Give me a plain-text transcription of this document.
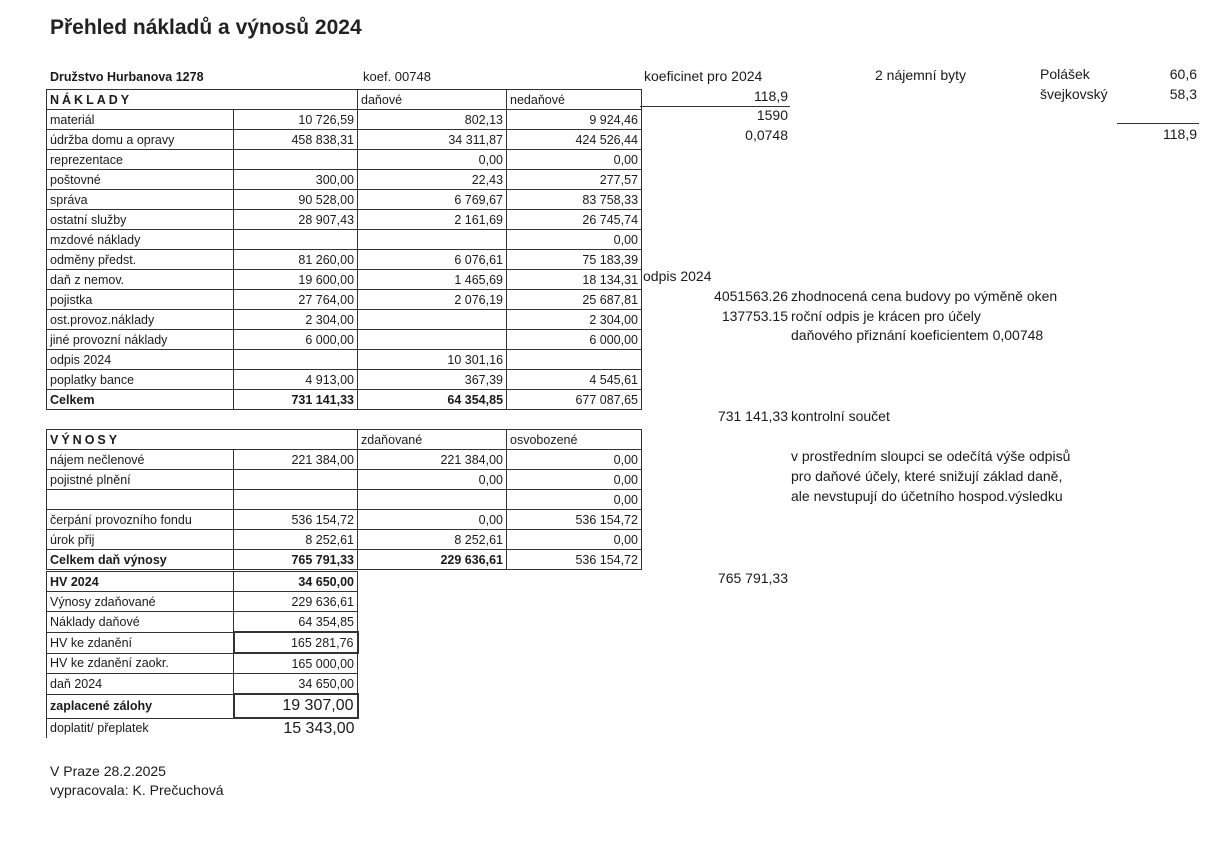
Přehled nákladů a výnosů 2024
Družstvo Hurbanova 1278	koef. 00748	koeficinet pro 2024
118,9
1590
0,0748
2 nájemní byty	Polášek	60,6
švejkovský	58,3
118,9
NÁKLADY		daňové	nedaňové
materiál	10 726,59	802,13	9 924,46
údržba domu a opravy	458 838,31	34 311,87	424 526,44
reprezentace		0,00	0,00
poštovné	300,00	22,43	277,57
správa	90 528,00	6 769,67	83 758,33
ostatní služby	28 907,43	2 161,69	26 745,74
mzdové náklady			0,00
odměny předst.	81 260,00	6 076,61	75 183,39
daň z nemov.	19 600,00	1 465,69	18 134,31
pojistka	27 764,00	2 076,19	25 687,81
ost.provoz.náklady	2 304,00		2 304,00
jiné provozní náklady	6 000,00		6 000,00
odpis 2024		10 301,16	
poplatky bance	4 913,00	367,39	4 545,61
Celkem	731 141,33	64 354,85	677 087,65
VÝNOSY		zdaňované	osvobozené
nájem nečlenové	221 384,00	221 384,00	0,00
pojistné plnění		0,00	0,00
			0,00
čerpání provozního fondu	536 154,72	0,00	536 154,72
úrok přij	8 252,61	8 252,61	0,00
Celkem daň výnosy	765 791,33	229 636,61	536 154,72
HV 2024	34 650,00
Výnosy zdaňované	229 636,61
Náklady daňové	64 354,85
HV ke zdanění	165 281,76
HV ke zdanění zaokr.	165 000,00
daň 2024	34 650,00
zaplacené zálohy	19 307,00
doplatit/ přeplatek	15 343,00
odpis 2024
4051563.26 zhodnocená cena budovy po výměně oken
137753.15 roční odpis je krácen pro účely
daňového přiznání koeficientem 0,00748
731 141,33 kontrolní součet
v prostředním sloupci se odečítá výše odpisů
pro daňové účely, které snižují základ daně,
ale nevstupují do účetního hospod.výsledku
765 791,33
V Praze 28.2.2025
vypracovala: K. Prečuchová
